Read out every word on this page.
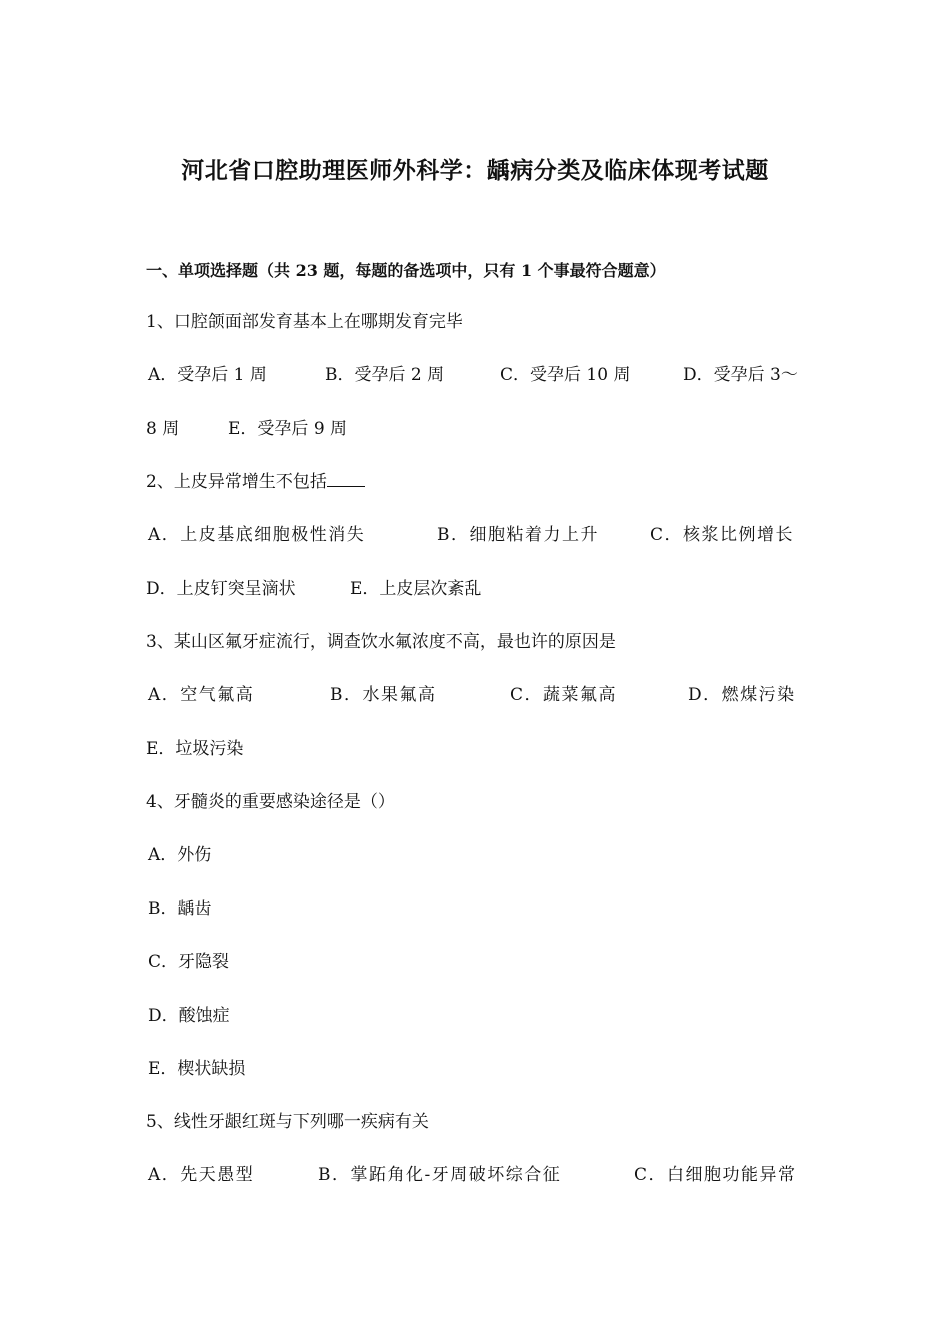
河北省口腔助理医师外科学：龋病分类及临床体现考试题
一、单项选择题（共 23 题，每题的备选项中，只有 1 个事最符合题意）
1、口腔颌面部发育基本上在哪期发育完毕
A．受孕后 1 周	B．受孕后 2 周	C．受孕后 10 周	D．受孕后 3～
8 周	E．受孕后 9 周
2、上皮异常增生不包括
A．上皮基底细胞极性消失	B．细胞粘着力上升	C．核浆比例增长
D．上皮钉突呈滴状	E．上皮层次紊乱
3、某山区氟牙症流行，调查饮水氟浓度不高，最也许的原因是
A．空气氟高	B．水果氟高	C．蔬菜氟高	D．燃煤污染
E．垃圾污染
4、牙髓炎的重要感染途径是（）
A．外伤
B．龋齿
C．牙隐裂
D．酸蚀症
E．楔状缺损
5、线性牙龈红斑与下列哪一疾病有关
A．先天愚型	B．掌跖角化-牙周破坏综合征	C．白细胞功能异常
